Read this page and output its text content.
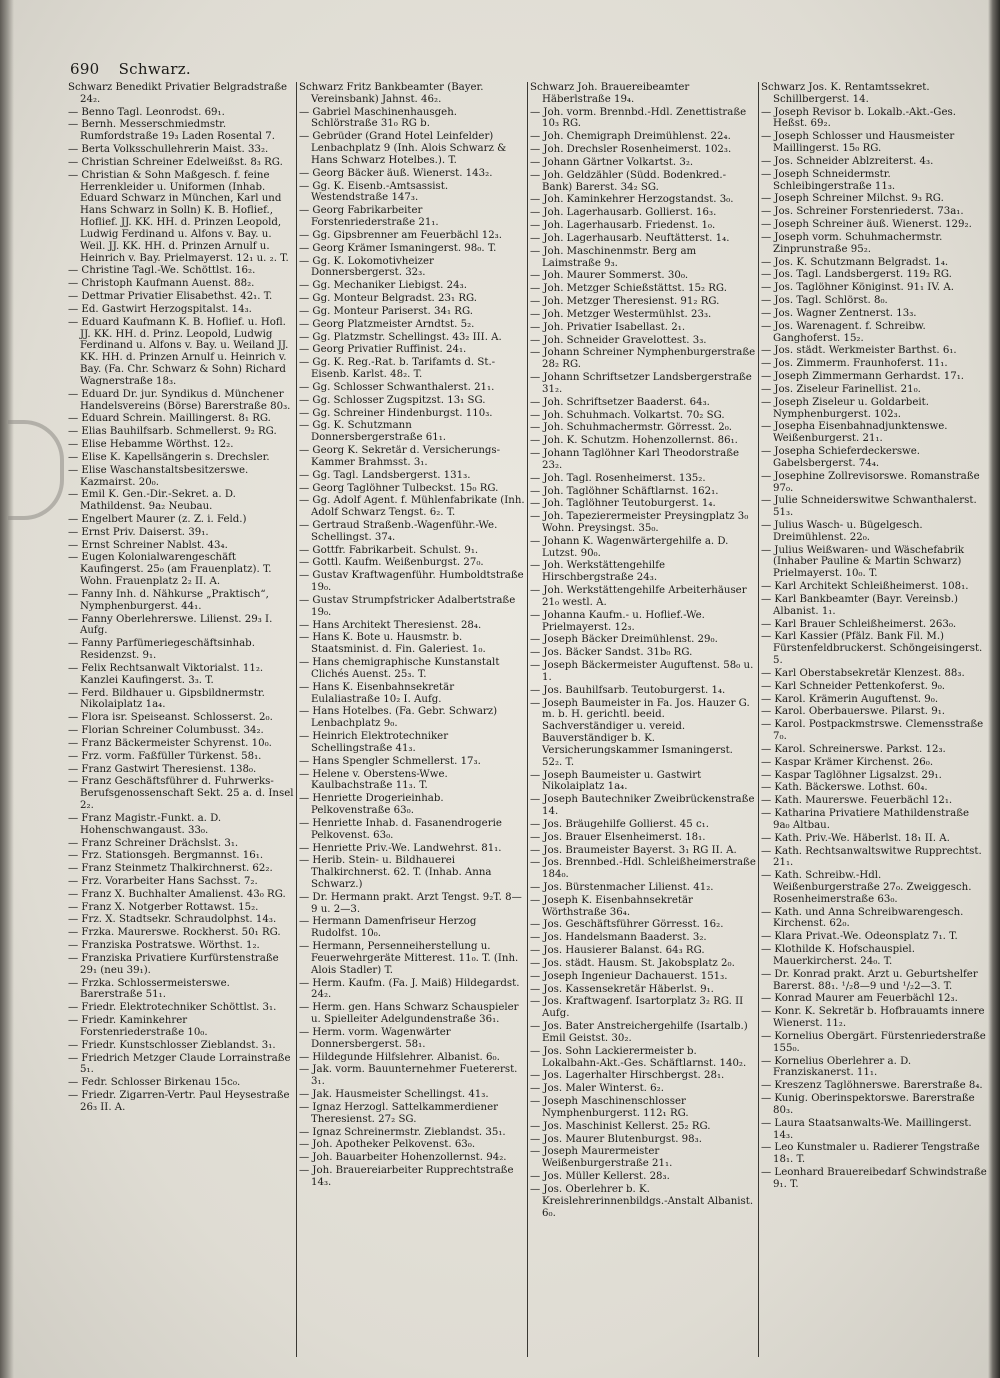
690 Schwarz.
Schwarz Benedikt Privatier Belgradstraße 24₂.
— Benno Tagl. Leonrodst. 69₁.
— Bernh. Messerschmiedmstr. Rumfordstraße 19₃ Laden Rosental 7.
— Berta Volksschullehrerin Maist. 33₂.
— Christian Schreiner Edelweißst. 8₃ RG.
— Christian & Sohn Maßgesch. f. feine Herrenkleider u. Uniformen (Inhab. Eduard Schwarz in München, Karl und Hans Schwarz in Solln) K. B. Hoflief., Hoflief. JJ. KK. HH. d. Prinzen Leopold, Ludwig Ferdinand u. Alfons v. Bay. u. Weil. JJ. KK. HH. d. Prinzen Arnulf u. Heinrich v. Bay. Prielmayerst. 12₁ u. ₂. T.
— Christine Tagl.-We. Schöttlst. 16₂.
— Christoph Kaufmann Auenst. 88₂.
— Dettmar Privatier Elisabethst. 42₁. T.
— Ed. Gastwirt Herzogspitalst. 14₃.
— Eduard Kaufmann K. B. Hoflief. u. Hofl. JJ. KK. HH. d. Prinz. Leopold, Ludwig Ferdinand u. Alfons v. Bay. u. Weiland JJ. KK. HH. d. Prinzen Arnulf u. Heinrich v. Bay. (Fa. Chr. Schwarz & Sohn) Richard Wagnerstraße 18₃.
— Eduard Dr. jur. Syndikus d. Münchener Handelsvereins (Börse) Barerstraße 80₃.
— Eduard Schrein. Maillingerst. 8₁ RG.
— Elias Bauhilfsarb. Schmellerst. 9₂ RG.
— Elise Hebamme Wörthst. 12₂.
— Elise K. Kapellsängerin s. Drechsler.
— Elise Waschanstaltsbesitzerswe. Kazmairst. 20₀.
— Emil K. Gen.-Dir.-Sekret. a. D. Mathildenst. 9a₂ Neubau.
— Engelbert Maurer (z. Z. i. Feld.)
— Ernst Priv. Daiserst. 39₁.
— Ernst Schreiner Nablst. 43₄.
— Eugen Kolonialwarengeschäft Kaufingerst. 25₀ (am Frauenplatz). T. Wohn. Frauenplatz 2₂ II. A.
— Fanny Inh. d. Nähkurse „Praktisch“, Nymphenburgerst. 44₁.
— Fanny Oberlehrerswe. Lilienst. 29₃ I. Aufg.
— Fanny Parfümeriegeschäftsinhab. Residenzst. 9₁.
— Felix Rechtsanwalt Viktorialst. 11₂. Kanzlei Kaufingerst. 3₃. T.
— Ferd. Bildhauer u. Gipsbildnermstr. Nikolaiplatz 1a₄.
— Flora isr. Speiseanst. Schlosserst. 2₀.
— Florian Schreiner Columbusst. 34₂.
— Franz Bäckermeister Schyrenst. 10₀.
— Frz. vorm. Faßfüller Türkenst. 58₁.
— Franz Gastwirt Theresienst. 138₀.
— Franz Geschäftsführer d. Fuhrwerks-Berufsgenossenschaft Sekt. 25 a. d. Insel 2₂.
— Franz Magistr.-Funkt. a. D. Hohenschwangaust. 33₀.
— Franz Schreiner Drächslst. 3₁.
— Frz. Stationsgeh. Bergmannst. 16₁.
— Franz Steinmetz Thalkirchnerst. 62₂.
— Frz. Vorarbeiter Hans Sachsst. 7₂.
— Franz X. Buchhalter Amalienst. 43₀ RG.
— Franz X. Notgerber Rottawst. 15₂.
— Frz. X. Stadtsekr. Schraudolphst. 14₃.
— Frzka. Maurerswe. Rockherst. 50₁ RG.
— Franziska Postratswe. Wörthst. 1₂.
— Franziska Privatiere Kurfürstenstraße 29₁ (neu 39₁).
— Frzka. Schlossermeisterswe. Barerstraße 51₁.
— Friedr. Elektrotechniker Schöttlst. 3₁.
— Friedr. Kaminkehrer Forstenriederstraße 10₀.
— Friedr. Kunstschlosser Zieblandst. 3₁.
— Friedrich Metzger Claude Lorrainstraße 5₁.
— Fedr. Schlosser Birkenau 15c₀.
— Friedr. Zigarren-Vertr. Paul Heysestraße 26₃ II. A.
Schwarz Fritz Bankbeamter (Bayer. Vereinsbank) Jahnst. 46₂.
— Gabriel Maschinenhausgeh. Schlörstraße 31₀ RG b.
— Gebrüder (Grand Hotel Leinfelder) Lenbachplatz 9 (Inh. Alois Schwarz & Hans Schwarz Hotelbes.). T.
— Georg Bäcker äuß. Wienerst. 143₂.
— Gg. K. Eisenb.-Amtsassist. Westendstraße 147₃.
— Georg Fabrikarbeiter Forstenriederstraße 21₁.
— Gg. Gipsbrenner am Feuerbächl 12₃.
— Georg Krämer Ismaningerst. 98₀. T.
— Gg. K. Lokomotivheizer Donnersbergerst. 32₃.
— Gg. Mechaniker Liebigst. 24₃.
— Gg. Monteur Belgradst. 23₁ RG.
— Gg. Monteur Pariserst. 34₁ RG.
— Georg Platzmeister Arndtst. 5₂.
— Gg. Platzmstr. Schellingst. 43₂ III. A.
— Georg Privatier Ruffinist. 24₁.
— Gg. K. Reg.-Rat. b. Tarifamts d. St.-Eisenb. Karlst. 48₂. T.
— Gg. Schlosser Schwanthalerst. 21₁.
— Gg. Schlosser Zugspitzst. 13₁ SG.
— Gg. Schreiner Hindenburgst. 110₃.
— Gg. K. Schutzmann Donnersbergerstraße 61₁.
— Georg K. Sekretär d. Versicherungs-Kammer Brahmsst. 3₁.
— Gg. Tagl. Landsbergerst. 131₃.
— Georg Taglöhner Tulbeckst. 15₀ RG.
— Gg. Adolf Agent. f. Mühlenfabrikate (Inh. Adolf Schwarz Tengst. 6₂. T.
— Gertraud Straßenb.-Wagenführ.-We. Schellingst. 37₄.
— Gottfr. Fabrikarbeit. Schulst. 9₁.
— Gottl. Kaufm. Weißenburgst. 27₀.
— Gustav Kraftwagenführ. Humboldtstraße 19₀.
— Gustav Strumpfstricker Adalbertstraße 19₀.
— Hans Architekt Theresienst. 28₄.
— Hans K. Bote u. Hausmstr. b. Staatsminist. d. Fin. Galeriest. 1₀.
— Hans chemigraphische Kunstanstalt Clichés Auenst. 25₃. T.
— Hans K. Eisenbahnsekretär Eulaliastraße 10₂ I. Aufg.
— Hans Hotelbes. (Fa. Gebr. Schwarz) Lenbachplatz 9₀.
— Heinrich Elektrotechniker Schellingstraße 41₃.
— Hans Spengler Schmellerst. 17₃.
— Helene v. Oberstens-Wwe. Kaulbachstraße 11₃. T.
— Henriette Drogerieinhab. Pelkovenstraße 63₀.
— Henriette Inhab. d. Fasanendrogerie Pelkovenst. 63₀.
— Henriette Priv.-We. Landwehrst. 81₁.
— Herib. Stein- u. Bildhauerei Thalkirchnerst. 62. T. (Inhab. Anna Schwarz.)
— Dr. Hermann prakt. Arzt Tengst. 9₂T. 8—9 u. 2—3.
— Hermann Damenfriseur Herzog Rudolfst. 10₀.
— Hermann, Persenneiherstellung u. Feuerwehrgeräte Mitterest. 11₀. T. (Inh. Alois Stadler) T.
— Herm. Kaufm. (Fa. J. Maiß) Hildegardst. 24₂.
— Herm. gen. Hans Schwarz Schauspieler u. Spielleiter Adelgundenstraße 36₁.
— Herm. vorm. Wagenwärter Donnersbergerst. 58₁.
— Hildegunde Hilfslehrer. Albanist. 6₀.
— Jak. vorm. Bauunternehmer Fuetererst. 3₁.
— Jak. Hausmeister Schellingst. 41₃.
— Ignaz Herzogl. Sattelkammerdiener Theresienst. 27₂ SG.
— Ignaz Schreinermstr. Zieblandst. 35₁.
— Joh. Apotheker Pelkovenst. 63₀.
— Joh. Bauarbeiter Hohenzollernst. 94₂.
— Joh. Brauereiarbeiter Rupprechtstraße 14₃.
Schwarz Joh. Brauereibeamter Häberlstraße 19₄.
— Joh. vorm. Brennbd.-Hdl. Zenettistraße 10₃ RG.
— Joh. Chemigraph Dreimühlenst. 22₄.
— Joh. Drechsler Rosenheimerst. 102₃.
— Johann Gärtner Volkartst. 3₂.
— Joh. Geldzähler (Südd. Bodenkred.-Bank) Barerst. 34₂ SG.
— Joh. Kaminkehrer Herzogstandst. 3₀.
— Joh. Lagerhausarb. Gollierst. 16₃.
— Joh. Lagerhausarb. Friedenst. 1₀.
— Joh. Lagerhausarb. Neuftätterst. 1₄.
— Joh. Maschinenmstr. Berg am Laimstraße 9₃.
— Joh. Maurer Sommerst. 30₀.
— Joh. Metzger Schießstättst. 15₂ RG.
— Joh. Metzger Theresienst. 91₂ RG.
— Joh. Metzger Westermühlst. 23₃.
— Joh. Privatier Isabellast. 2₁.
— Joh. Schneider Gravelottest. 3₃.
— Johann Schreiner Nymphenburgerstraße 28₂ RG.
— Johann Schriftsetzer Landsbergerstraße 31₂.
— Joh. Schriftsetzer Baaderst. 64₃.
— Joh. Schuhmach. Volkartst. 70₂ SG.
— Joh. Schuhmachermstr. Görresst. 2₀.
— Joh. K. Schutzm. Hohenzollernst. 86₁.
— Johann Taglöhner Karl Theodorstraße 23₂.
— Joh. Tagl. Rosenheimerst. 135₂.
— Joh. Taglöhner Schäftlarnst. 162₁.
— Joh. Taglöhner Teutoburgerst. 1₄.
— Joh. Tapezierermeister Preysingplatz 3₀ Wohn. Preysingst. 35₀.
— Johann K. Wagenwärtergehilfe a. D. Lutzst. 90₀.
— Joh. Werkstättengehilfe Hirschbergstraße 24₃.
— Joh. Werkstättengehilfe Arbeiterhäuser 21₀ westl. A.
— Johanna Kaufm.- u. Hoflief.-We. Prielmayerst. 12₃.
— Joseph Bäcker Dreimühlenst. 29₀.
— Jos. Bäcker Sandst. 31b₀ RG.
— Joseph Bäckermeister Auguftenst. 58₀ u. 1.
— Jos. Bauhilfsarb. Teutoburgerst. 1₄.
— Joseph Baumeister in Fa. Jos. Hauzer G. m. b. H. gerichtl. beeid. Sachverständiger u. vereid. Bauverständiger b. K. Versicherungskammer Ismaningerst. 52₂. T.
— Joseph Baumeister u. Gastwirt Nikolaiplatz 1a₄.
— Joseph Bautechniker Zweibrückenstraße 14.
— Jos. Bräugehilfe Gollierst. 45 c₁.
— Jos. Brauer Elsenheimerst. 18₁.
— Jos. Braumeister Bayerst. 3₁ RG II. A.
— Jos. Brennbed.-Hdl. Schleißheimerstraße 184₀.
— Jos. Bürstenmacher Lilienst. 41₂.
— Joseph K. Eisenbahnsekretär Wörthstraße 36₄.
— Jos. Geschäftsführer Görresst. 16₂.
— Jos. Handelsmann Baaderst. 3₂.
— Jos. Hausierer Balanst. 64₃ RG.
— Jos. städt. Hausm. St. Jakobsplatz 2₀.
— Joseph Ingenieur Dachauerst. 151₃.
— Jos. Kassensekretär Häberlst. 9₁.
— Jos. Kraftwagenf. Isartorplatz 3₂ RG. II Aufg.
— Jos. Bater Anstreichergehilfe (Isartalb.) Emil Geistst. 30₂.
— Jos. Sohn Lackierermeister b. Lokalbahn-Akt.-Ges. Schäftlarnst. 140₂.
— Jos. Lagerhalter Hirschbergst. 28₁.
— Jos. Maler Winterst. 6₂.
— Joseph Maschinenschlosser Nymphenburgerst. 112₁ RG.
— Jos. Maschinist Kellerst. 25₂ RG.
— Jos. Maurer Blutenburgst. 98₃.
— Joseph Maurermeister Weißenburgerstraße 21₁.
— Jos. Müller Kellerst. 28₃.
— Jos. Oberlehrer b. K. Kreislehrerinnenbildgs.-Anstalt Albanist. 6₀.
Schwarz Jos. K. Rentamtssekret. Schillbergerst. 14.
— Joseph Revisor b. Lokalb.-Akt.-Ges. Heßst. 69₂.
— Joseph Schlosser und Hausmeister Maillingerst. 15₀ RG.
— Jos. Schneider Ablzreiterst. 4₃.
— Joseph Schneidermstr. Schleibingerstraße 11₃.
— Joseph Schreiner Milchst. 9₃ RG.
— Jos. Schreiner Forstenriederst. 73a₁.
— Joseph Schreiner äuß. Wienerst. 129₂.
— Joseph vorm. Schuhmachermstr. Zinprunstraße 95₂.
— Jos. K. Schutzmann Belgradst. 1₄.
— Jos. Tagl. Landsbergerst. 119₂ RG.
— Jos. Taglöhner Königinst. 91₁ IV. A.
— Jos. Tagl. Schlörst. 8₀.
— Jos. Wagner Zentnerst. 13₃.
— Jos. Warenagent. f. Schreibw. Ganghoferst. 15₂.
— Jos. städt. Werkmeister Barthst. 6₁.
— Jos. Zimmerm. Fraunhoferst. 11₁.
— Joseph Zimmermann Gerhardst. 17₁.
— Jos. Ziseleur Farinellist. 21₀.
— Joseph Ziseleur u. Goldarbeit. Nymphenburgerst. 102₃.
— Josepha Eisenbahnadjunktenswe. Weißenburgerst. 21₁.
— Josepha Schieferdeckerswe. Gabelsbergerst. 74₄.
— Josephine Zollrevisorswe. Romanstraße 97₀.
— Julie Schneiderswitwe Schwanthalerst. 51₃.
— Julius Wasch- u. Bügelgesch. Dreimühlenst. 22₀.
— Julius Weißwaren- und Wäschefabrik (Inhaber Pauline & Martin Schwarz) Prielmayerst. 10₀. T.
— Karl Architekt Schleißheimerst. 108₁.
— Karl Bankbeamter (Bayr. Vereinsb.) Albanist. 1₁.
— Karl Brauer Schleißheimerst. 263₀.
— Karl Kassier (Pfälz. Bank Fil. M.) Fürstenfeldbruckerst. Schöngeisingerst. 5.
— Karl Oberstabsekretär Klenzest. 88₃.
— Karl Schneider Pettenkoferst. 9₀.
— Karol. Krämerin Auguftenst. 9₀.
— Karol. Oberbauerswe. Pilarst. 9₁.
— Karol. Postpackmstrswe. Clemensstraße 7₀.
— Karol. Schreinerswe. Parkst. 12₃.
— Kaspar Krämer Kirchenst. 26₀.
— Kaspar Taglöhner Ligsalzst. 29₁.
— Kath. Bäckerswe. Lothst. 60₄.
— Kath. Maurerswe. Feuerbächl 12₁.
— Katharina Privatiere Mathildenstraße 9a₀ Altbau.
— Kath. Priv.-We. Häberlst. 18₁ II. A.
— Kath. Rechtsanwaltswitwe Rupprechtst. 21₁.
— Kath. Schreibw.-Hdl. Weißenburgerstraße 27₀. Zweiggesch. Rosenheimerstraße 63₀.
— Kath. und Anna Schreibwarengesch. Kirchenst. 62₀.
— Klara Privat.-We. Odeonsplatz 7₁. T.
— Klothilde K. Hofschauspiel. Mauerkircherst. 24₀. T.
— Dr. Konrad prakt. Arzt u. Geburtshelfer Barerst. 88₁. ¹/₂8—9 und ¹/₂2—3. T.
— Konrad Maurer am Feuerbächl 12₃.
— Konr. K. Sekretär b. Hofbrauamts innere Wienerst. 11₂.
— Kornelius Obergärt. Fürstenriederstraße 155₀.
— Kornelius Oberlehrer a. D. Franziskanerst. 11₁.
— Kreszenz Taglöhnerswe. Barerstraße 8₄.
— Kunig. Oberinspektorswe. Barerstraße 80₃.
— Laura Staatsanwalts-We. Maillingerst. 14₃.
— Leo Kunstmaler u. Radierer Tengstraße 18₁. T.
— Leonhard Brauereibedarf Schwindstraße 9₁. T.
